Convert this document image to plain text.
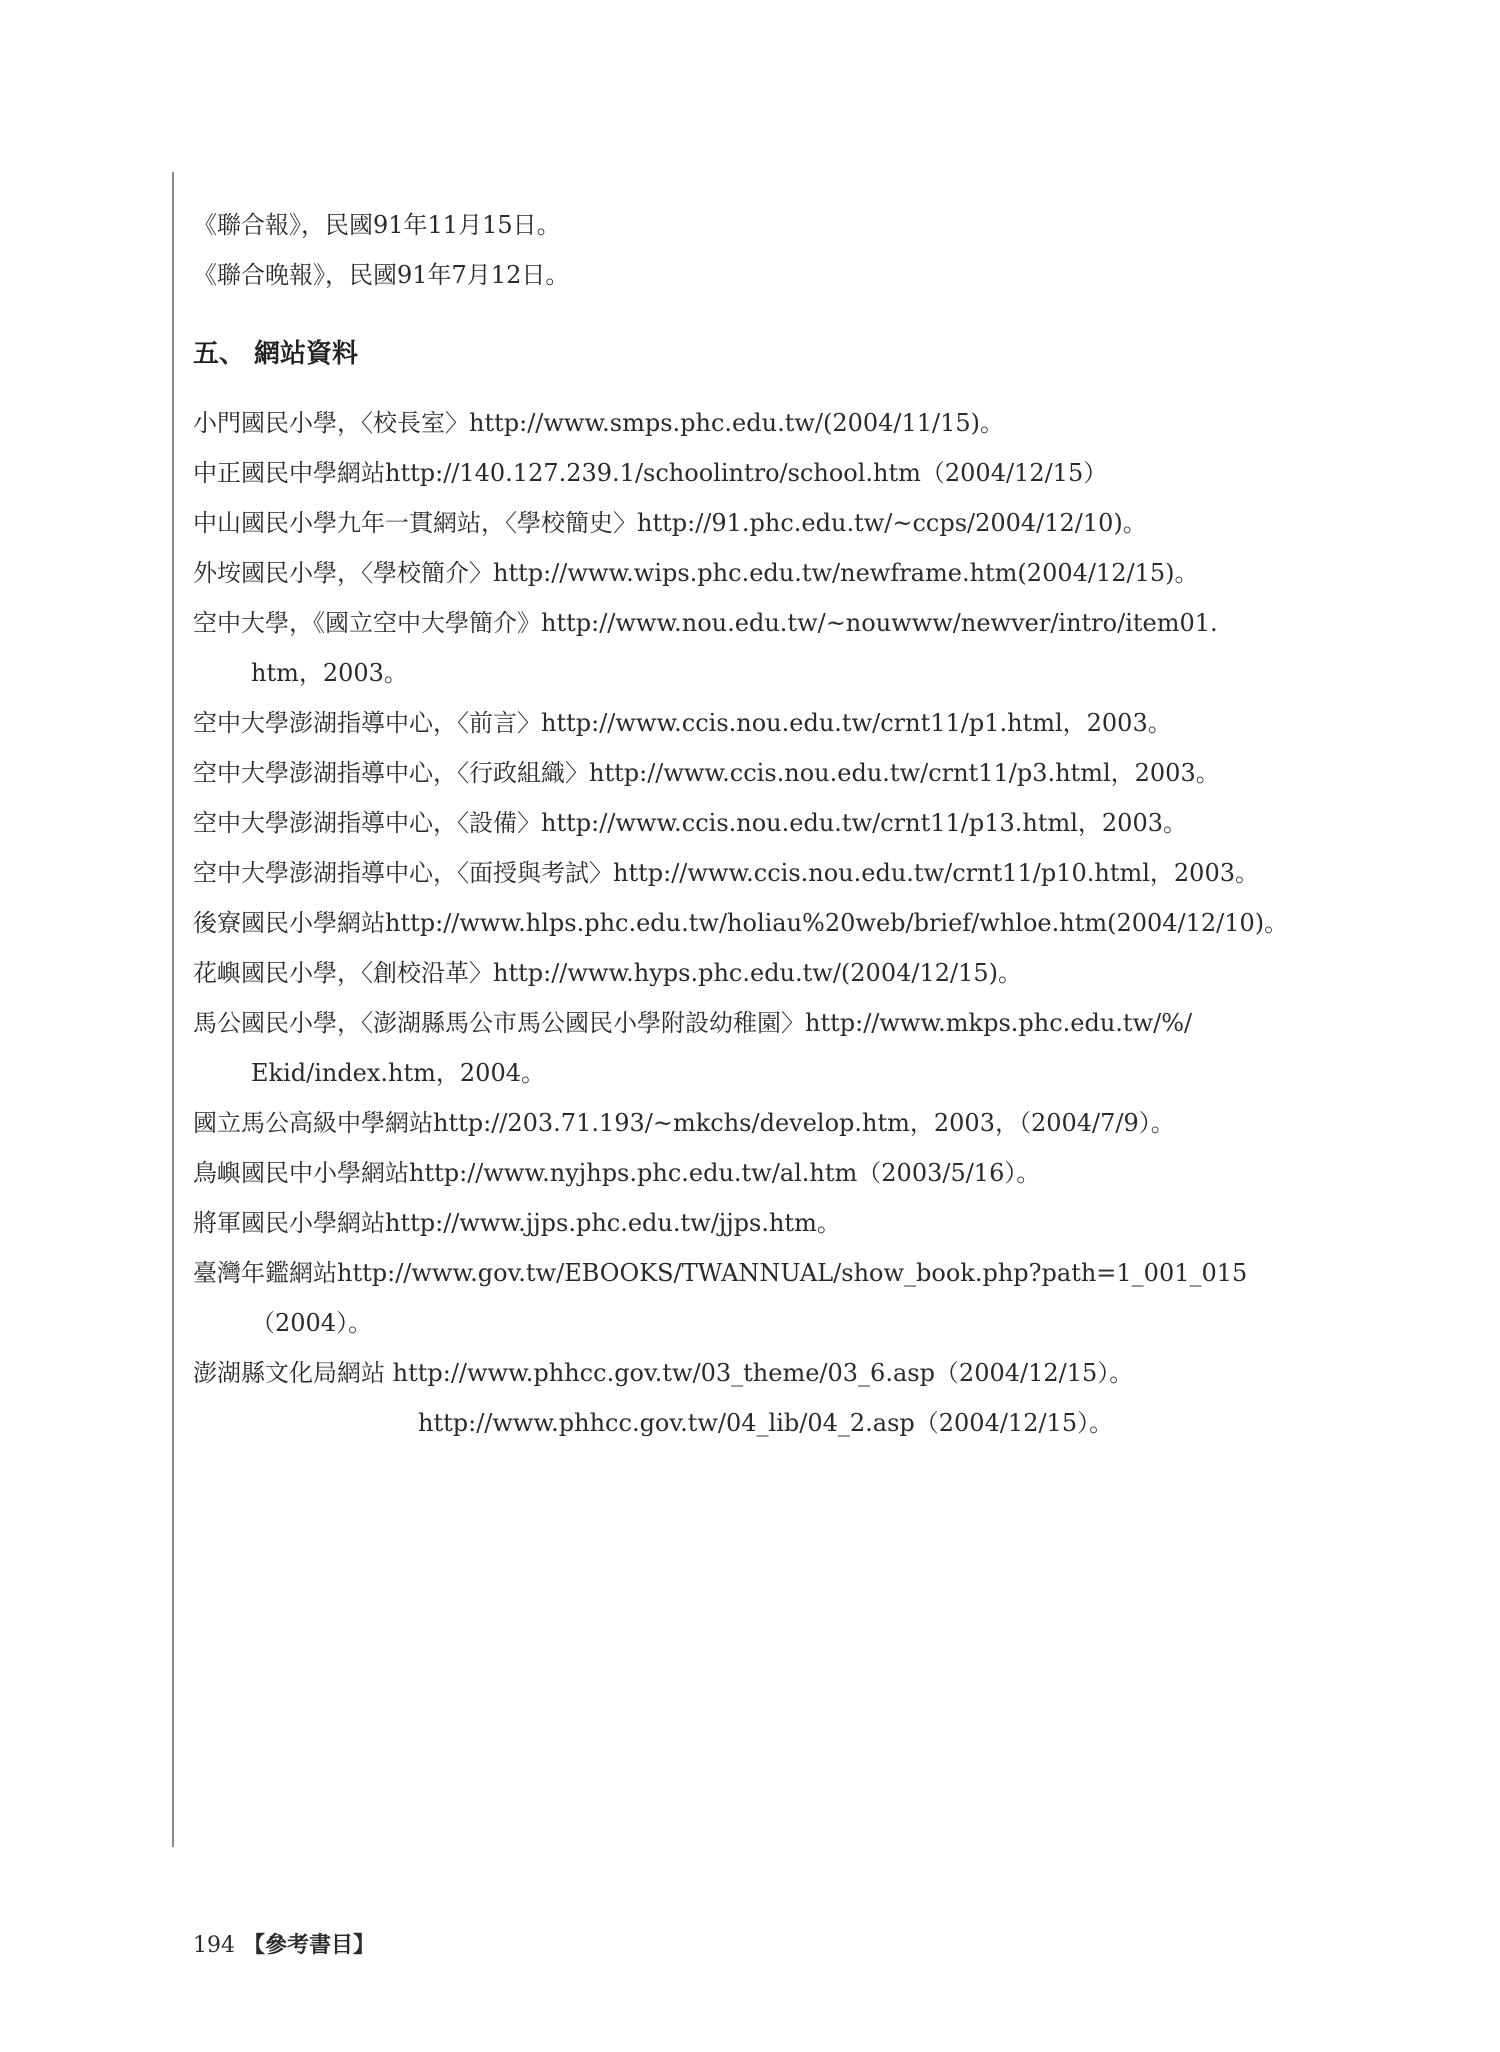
《聯合報》，民國91年11月15日。
《聯合晚報》，民國91年7月12日。
五、 網站資料
小門國民小學，〈校長室〉http://www.smps.phc.edu.tw/(2004/11/15)。
中正國民中學網站http://140.127.239.1/schoolintro/school.htm（2004/12/15）
中山國民小學九年一貫網站，〈學校簡史〉http://91.phc.edu.tw/~ccps/2004/12/10)。
外垵國民小學，〈學校簡介〉http://www.wips.phc.edu.tw/newframe.htm(2004/12/15)。
空中大學，《國立空中大學簡介》http://www.nou.edu.tw/~nouwww/newver/intro/item01.
htm，2003。
空中大學澎湖指導中心，〈前言〉http://www.ccis.nou.edu.tw/crnt11/p1.html，2003。
空中大學澎湖指導中心，〈行政組織〉http://www.ccis.nou.edu.tw/crnt11/p3.html，2003。
空中大學澎湖指導中心，〈設備〉http://www.ccis.nou.edu.tw/crnt11/p13.html，2003。
空中大學澎湖指導中心，〈面授與考試〉http://www.ccis.nou.edu.tw/crnt11/p10.html，2003。
後寮國民小學網站http://www.hlps.phc.edu.tw/holiau%20web/brief/whloe.htm(2004/12/10)。
花嶼國民小學，〈創校沿革〉http://www.hyps.phc.edu.tw/(2004/12/15)。
馬公國民小學，〈澎湖縣馬公市馬公國民小學附設幼稚園〉http://www.mkps.phc.edu.tw/%/
Ekid/index.htm，2004。
國立馬公高級中學網站http://203.71.193/~mkchs/develop.htm，2003，（2004/7/9）。
鳥嶼國民中小學網站http://www.nyjhps.phc.edu.tw/al.htm（2003/5/16）。
將軍國民小學網站http://www.jjps.phc.edu.tw/jjps.htm。
臺灣年鑑網站http://www.gov.tw/EBOOKS/TWANNUAL/show_book.php?path=1_001_015
（2004）。
澎湖縣文化局網站 http://www.phhcc.gov.tw/03_theme/03_6.asp（2004/12/15）。
http://www.phhcc.gov.tw/04_lib/04_2.asp（2004/12/15）。
194 【參考書目】
